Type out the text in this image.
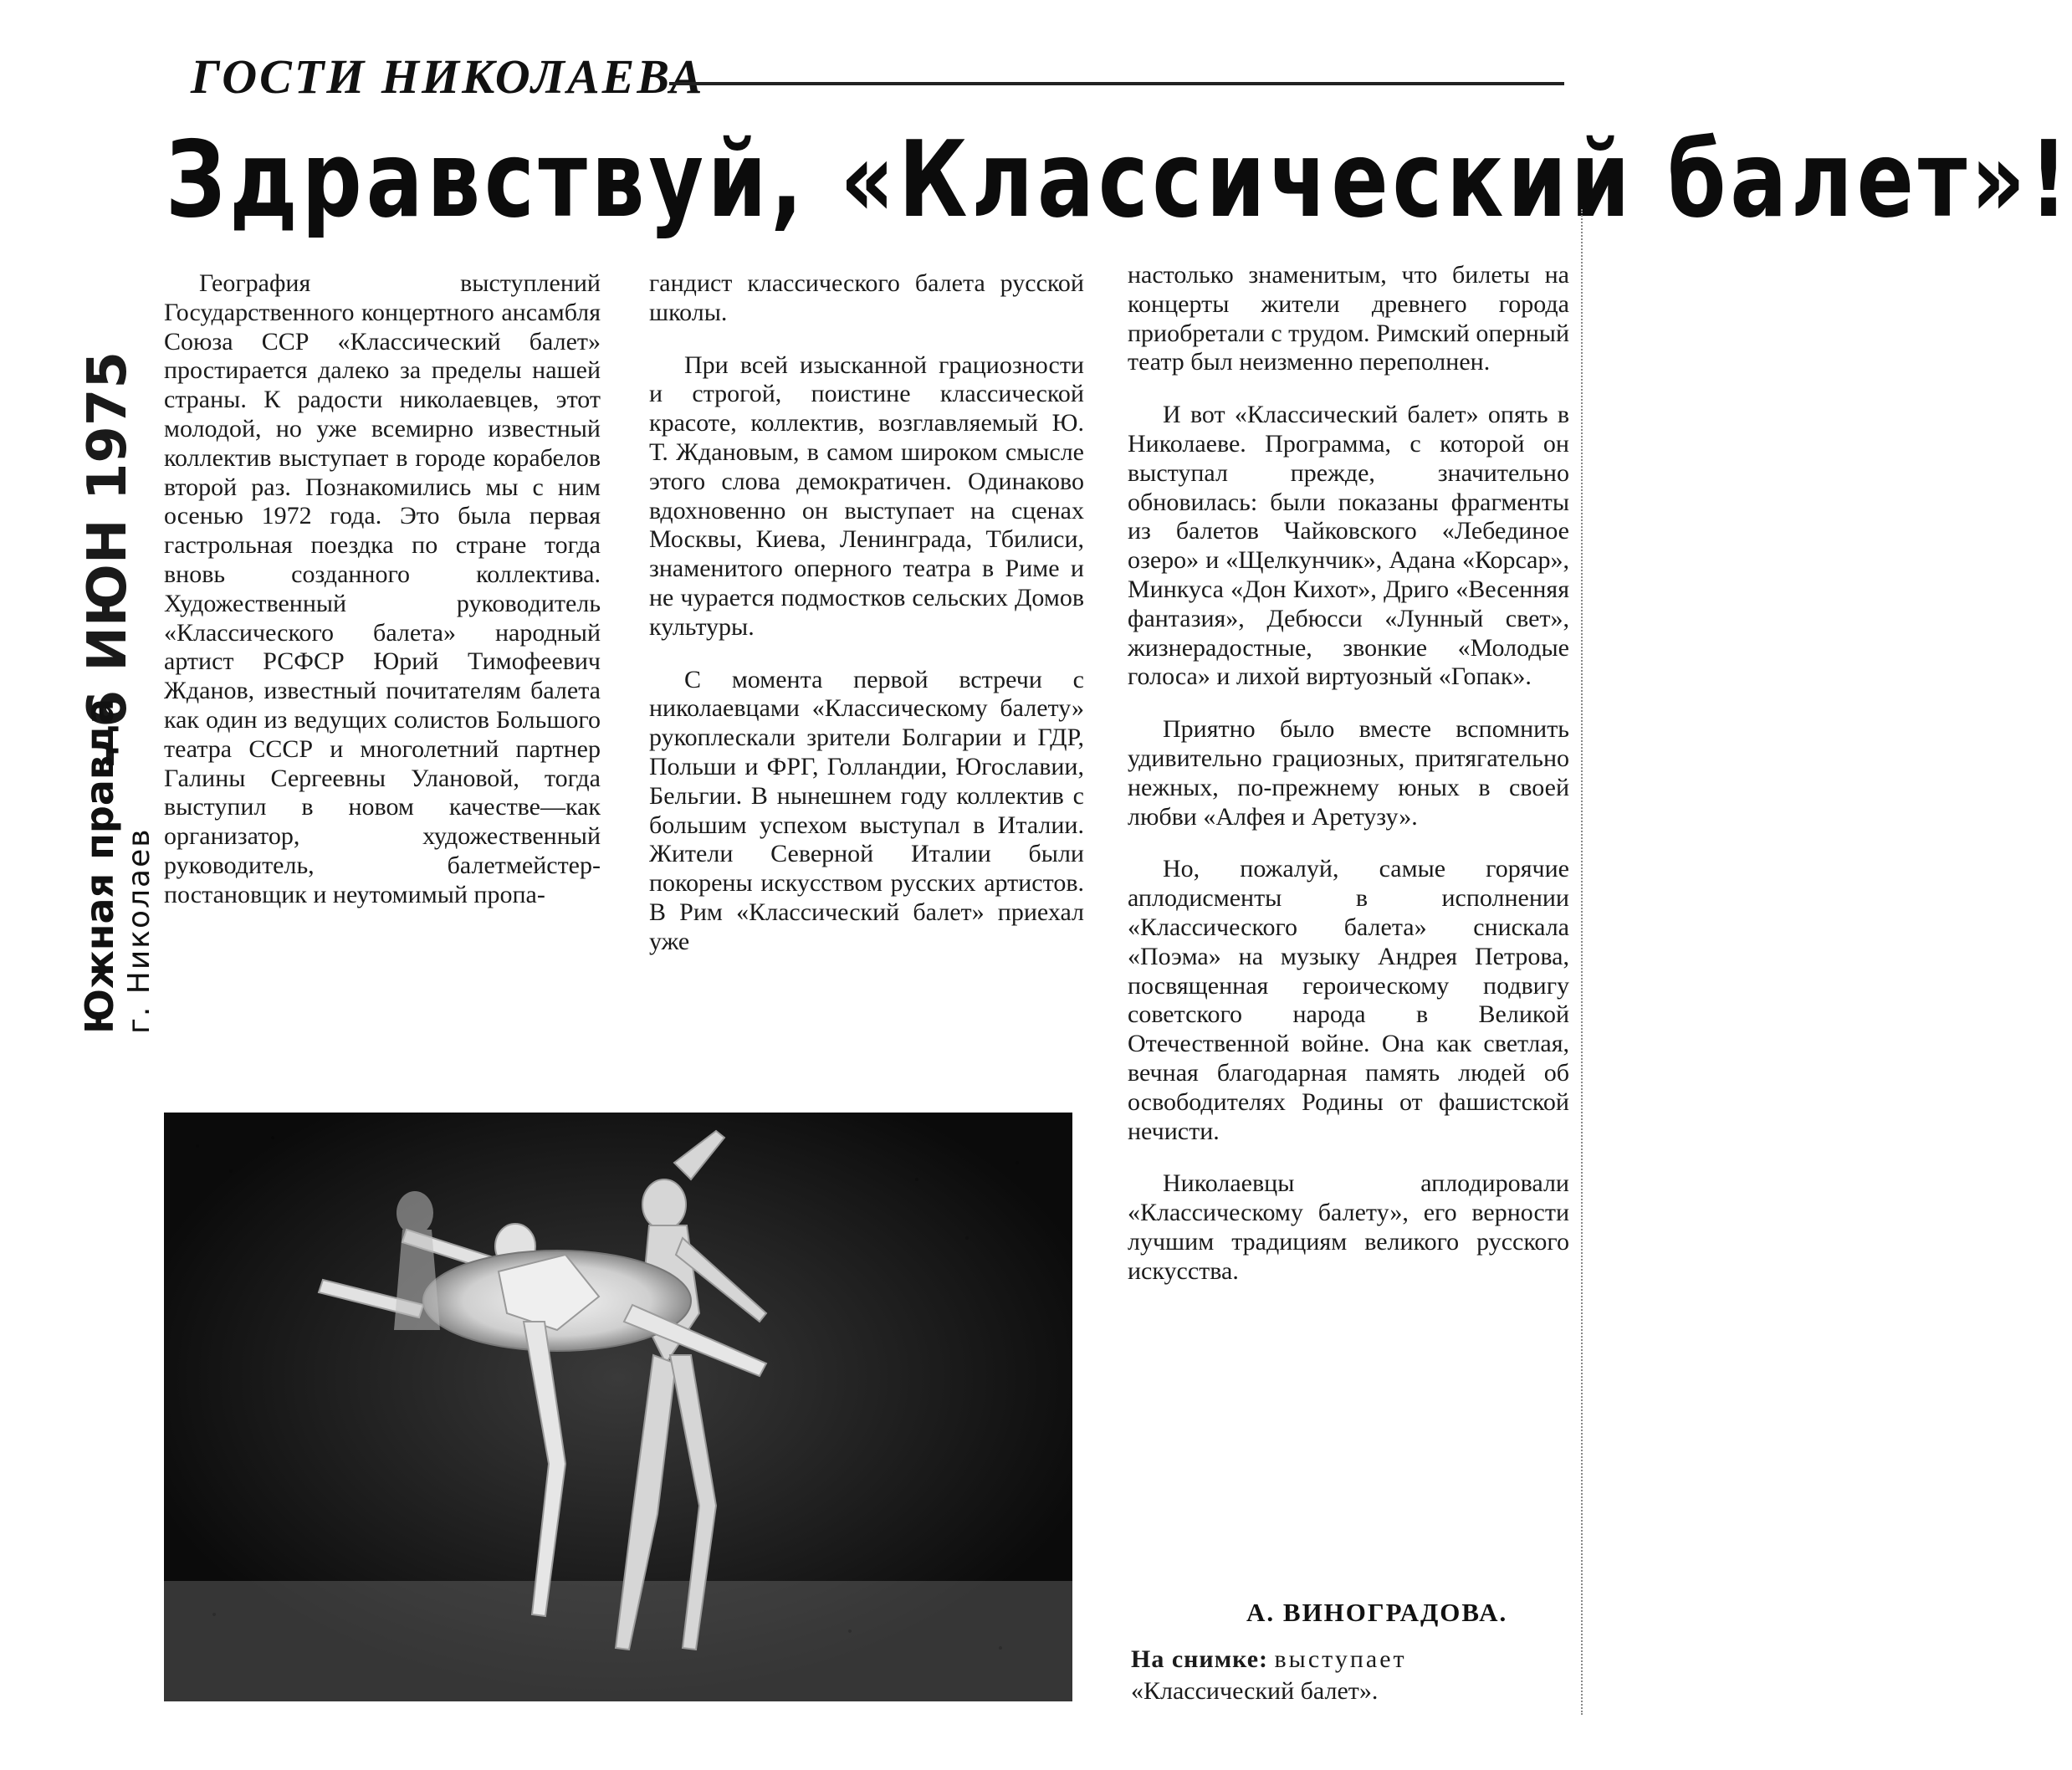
- 6 ИЮН 1975
Южная правда г. Николаев
ГОСТИ НИКОЛАЕВА
Здравствуй, «Классический балет»!

География выступлений Государственного концертного ансамбля Союза ССР «Классический балет» простирается далеко за пределы нашей страны. К радости николаевцев, этот молодой, но уже всемирно известный коллектив выступает в городе корабелов второй раз. Познакомились мы с ним осенью 1972 года. Это была первая гастрольная поездка по стране тогда вновь созданного коллектива. Художественный руководитель «Классического балета» народный артист РСФСР Юрий Тимофеевич Жданов, известный почитателям балета как один из ведущих солистов Большого театра СССР и многолетний партнер Галины Сергеевны Улановой, тогда выступил в новом качестве—как организатор, художественный руководитель, балетмейстер-постановщик и неутомимый пропа-

гандист классического балета русской школы.

При всей изысканной грациозности и строгой, поистине классической красоте, коллектив, возглавляемый Ю. Т. Ждановым, в самом широком смысле этого слова демократичен. Одинаково вдохновенно он выступает на сценах Москвы, Киева, Ленинграда, Тбилиси, знаменитого оперного театра в Риме и не чурается подмостков сельских Домов культуры.

С момента первой встречи с николаевцами «Классическому балету» рукоплескали зрители Болгарии и ГДР, Польши и ФРГ, Голландии, Югославии, Бельгии. В нынешнем году коллектив с большим успехом выступал в Италии. Жители Северной Италии были покорены искусством русских артистов. В Рим «Классический балет» приехал уже

настолько знаменитым, что билеты на концерты жители древнего города приобретали с трудом. Римский оперный театр был неизменно переполнен.

И вот «Классический балет» опять в Николаеве. Программа, с которой он выступал прежде, значительно обновилась: были показаны фрагменты из балетов Чайковского «Лебединое озеро» и «Щелкунчик», Адана «Корсар», Минкуса «Дон Кихот», Дриго «Весенняя фантазия», Дебюсси «Лунный свет», жизнерадостные, звонкие «Молодые голоса» и лихой виртуозный «Гопак».

Приятно было вместе вспомнить удивительно грациозных, притягательно нежных, по-прежнему юных в своей любви «Алфея и Аретузу».

Но, пожалуй, самые горячие аплодисменты в исполнении «Классического балета» снискала «Поэма» на музыку Андрея Петрова, посвященная героическому подвигу советского народа в Великой Отечественной войне. Она как светлая, вечная благодарная память людей об освободителях Родины от фашистской нечисти.

Николаевцы аплодировали «Классическому балету», его верности лучшим традициям великого русского искусства.

А. ВИНОГРАДОВА.
На снимке: выступает
«Классический балет».
